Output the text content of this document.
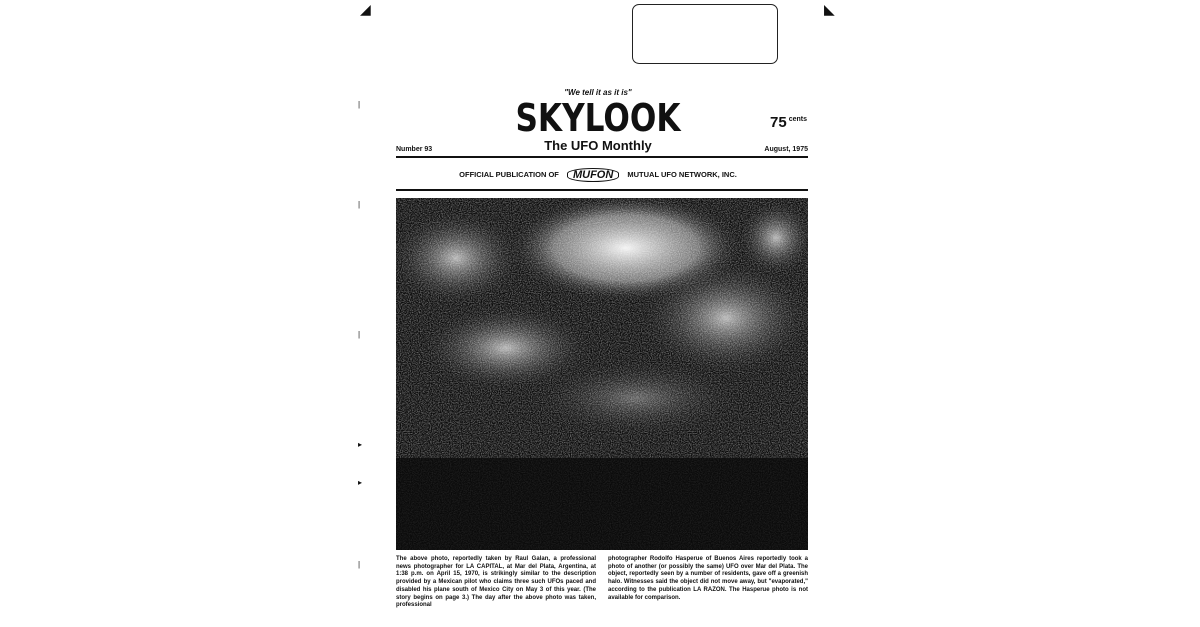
◢	◣
"We tell it as it is"
SKYLOOK	75 $^{cents}$
The UFO Monthly
Number 93	August, 1975
OFFICIAL PUBLICATION OF MUFON MUTUAL UFO NETWORK, INC.
The above photo, reportedly taken by Raul Galan, a professional news photographer for LA CAPITAL, at Mar del Plata, Argentina, at 1:38 p.m. on April 15, 1970, is strikingly similar to the description provided by a Mexican pilot who claims three such UFOs paced and disabled his plane south of Mexico City on May 3 of this year. (The story begins on page 3.) The day after the above photo was taken, professional
photographer Rodolfo Hasperue of Buenos Aires reportedly took a photo of another (or possibly the same) UFO over Mar del Plata. The object, reportedly seen by a number of residents, gave off a greenish halo. Witnesses said the object did not move away, but "evaporated," according to the publication LA RAZON. The Hasperue photo is not available for comparison.
|
|
|
▸
▸
|
